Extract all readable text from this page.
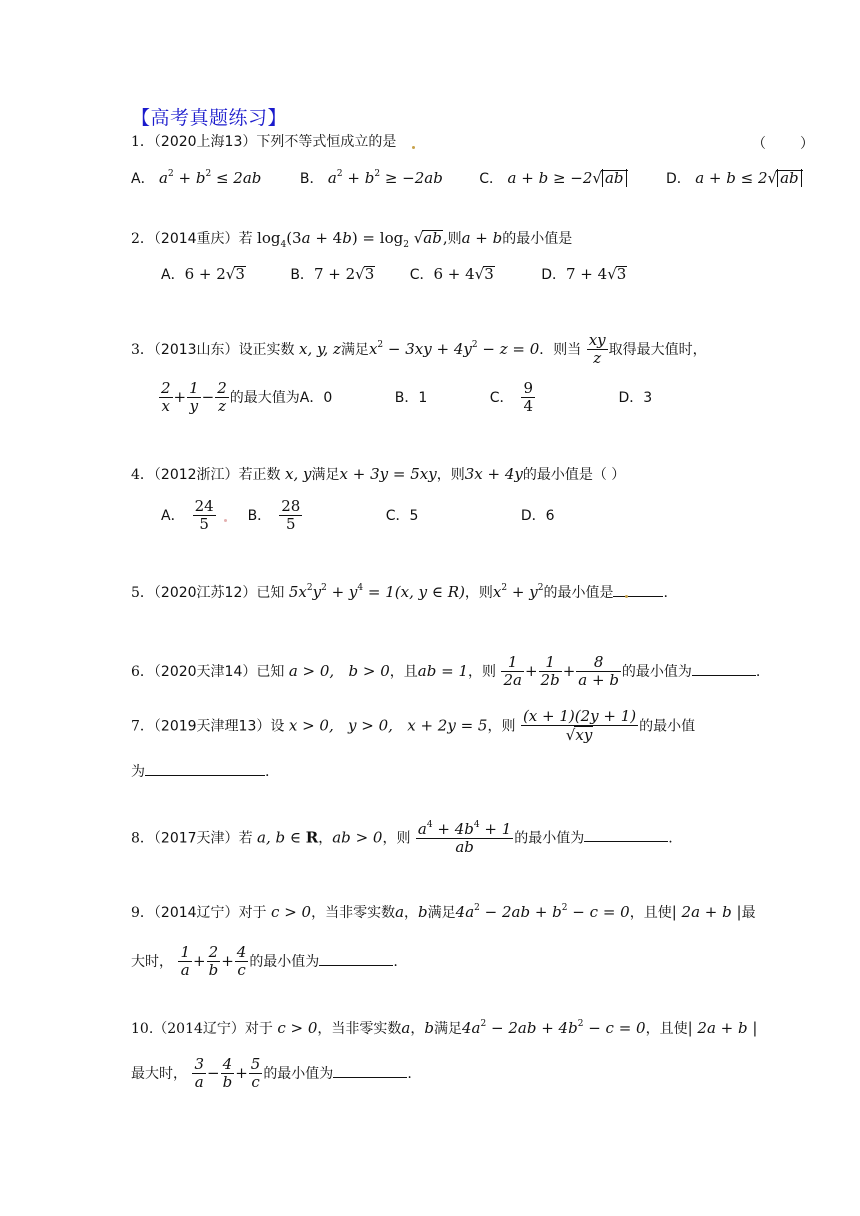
【高考真题练习】
1．（2020上海13）下列不等式恒成立的是	（　　）
A． $a^2 + b^2 \le 2ab$	B． $a^2 + b^2 \ge -2ab$	C． a + b ≥ −2√ ab	D． a + b ≤ 2√ ab
2．（2014重庆）若 $\log_4(3a + 4b) = \log_2 √ab$,则a + b的最小值是
A．6 + 2√3	B．7 + 2√3	C．6 + 4√3	D．7 + 4√3
3．（2013山东）设正实数 x, y, z满足$x^2 - 3xy + 4y^2 - z = 0$．则当 $\frac{xy}{z}$ 取得最大值时，
$\frac{2}{x} + \frac{1}{y} - \frac{2}{z}$ 的最大值为A．0	B．1	C． $\frac{9}{4}$	D．3
4．（2012浙江）若正数 x, y满足x + 3y = 5xy，则3x + 4y的最小值是（ ）
A． $\frac{24}{5}$ B． $\frac{28}{5}$	C．5	D．6
5．（2020江苏12）已知 $5x^2y^2 + y^4 = 1(x$, y ∈ R)，则$x^2 + y^2$的最小值是	.
6．（2020天津14）已知 a > 0,   b > 0，且ab = 1，则 $\frac{1}{2a} + \frac{1}{2b} + \frac{8}{a + b}$ 的最小值为	.
7．（2019天津理13）设 x > 0,   y > 0,   x + 2y = 5，则 $\frac{(x + 1)(2y + 1)}{√xy}$ 的最小值
为	.
8．（2017天津）若 a, b ∈ R，ab > 0，则 $\frac{a^4 + 4b^4 + 1}{ab}$ 的最小值为	.
9．（2014辽宁）对于 c > 0，当非零实数a，b满足$4a^2 - 2ab + b^2 - c = 0$，且使| 2a + b |最
大时， $\frac{1}{a} + \frac{2}{b} + \frac{4}{c}$ 的最小值为	.
10.（2014辽宁）对于 c > 0，当非零实数a，b满足$4a^2 - 2ab + 4b^2 - c = 0$，且使| 2a + b |
最大时， $\frac{3}{a} - \frac{4}{b} + \frac{5}{c}$ 的最小值为	.
